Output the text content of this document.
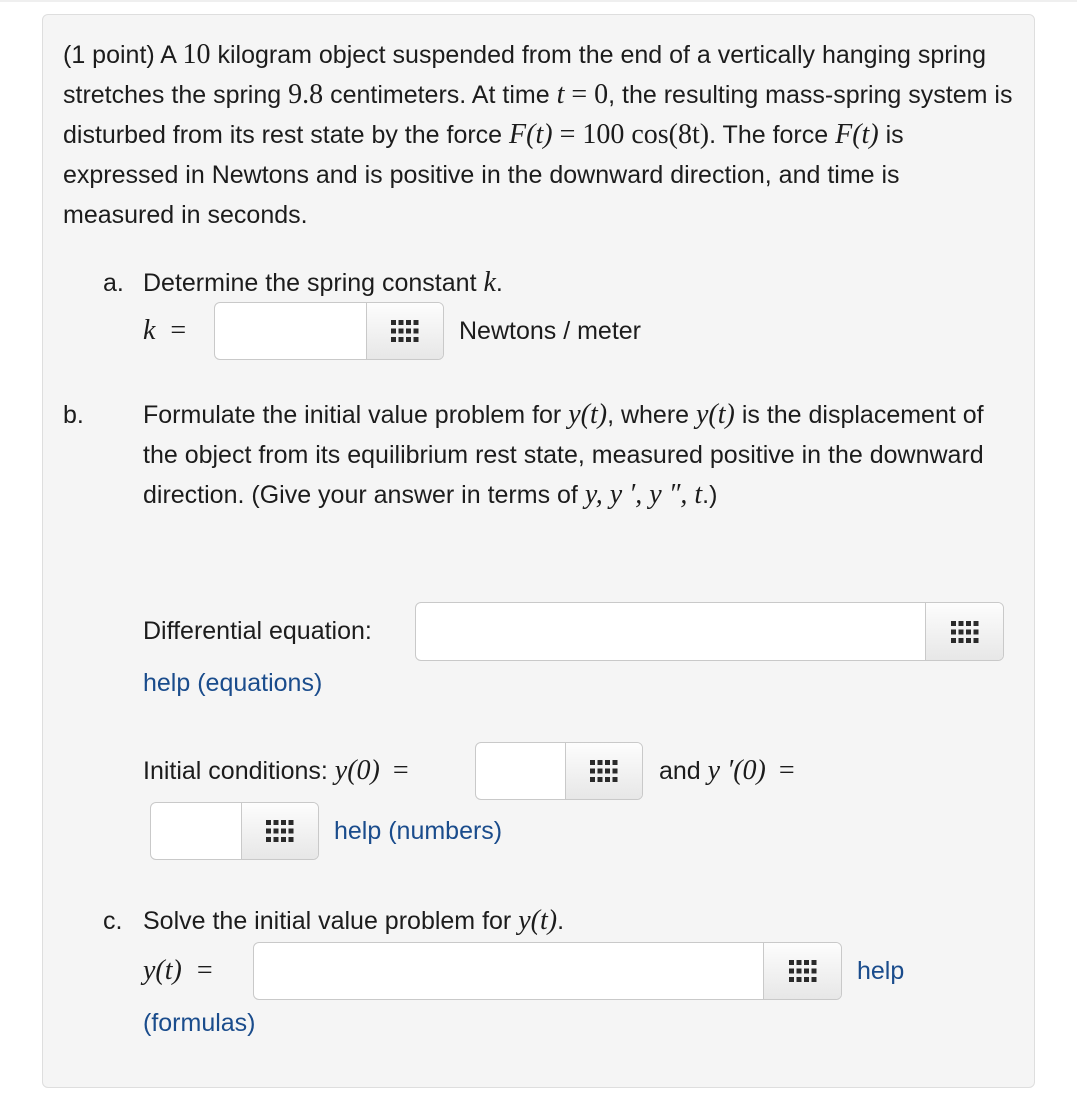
(1 point) A 10 kilogram object suspended from the end of a vertically hanging spring stretches the spring 9.8 centimeters. At time t = 0, the resulting mass-spring system is disturbed from its rest state by the force F(t) = 100 cos(8t). The force F(t) is expressed in Newtons and is positive in the downward direction, and time is measured in seconds.

a. Determine the spring constant k.
k =	Newtons / meter
b. Formulate the initial value problem for y(t), where y(t) is the displacement of the object from its equilibrium rest state, measured positive in the downward direction. (Give your answer in terms of y, y ′, y ″, t.)
Differential equation:
help (equations)
Initial conditions: y(0) =	and y ′(0) =
help (numbers)
c. Solve the initial value problem for y(t).
y(t) =	help
(formulas)
